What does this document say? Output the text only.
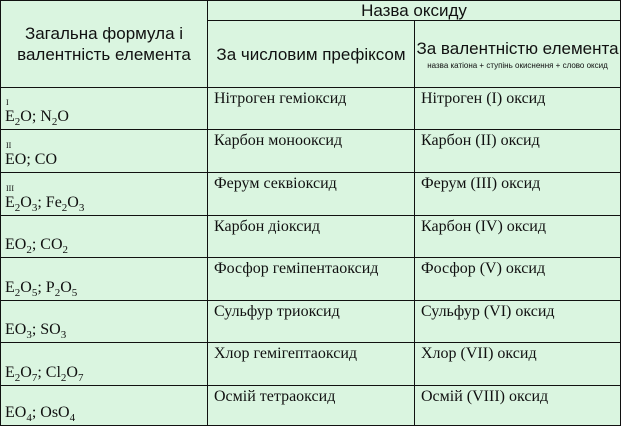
Загальна формулa і валентність елемента	Назва оксиду	
	За числовим префіксом	За валентністю елемента
назва катіона + ступінь окиснення + слово оксид

I
$E_2O$; $N_2O$	Нітроген геміоксид	Нітроген (I) оксид

II
EO; CO	Карбон монооксид	Карбон (II) оксид

III
$E_2O_3$; $Fe_2O_3$	Ферум секвіоксид	Ферум (III) оксид

$EO_2$; $CO_2$	Карбон діоксид	Карбон (IV) оксид

$E_2O_5$; $P_2O_5$	Фосфор геміпентаоксид	Фосфор (V) оксид

$EO_3$; $SO_3$	Сульфур триоксид	Сульфур (VI) оксид

$E_2O_7$; $Cl_2O_7$	Хлор гемігептаоксид	Хлор (VII) оксид

$EO_4$; OsO$_4$	Осмій тетраоксид	Осмій (VIII) оксид
